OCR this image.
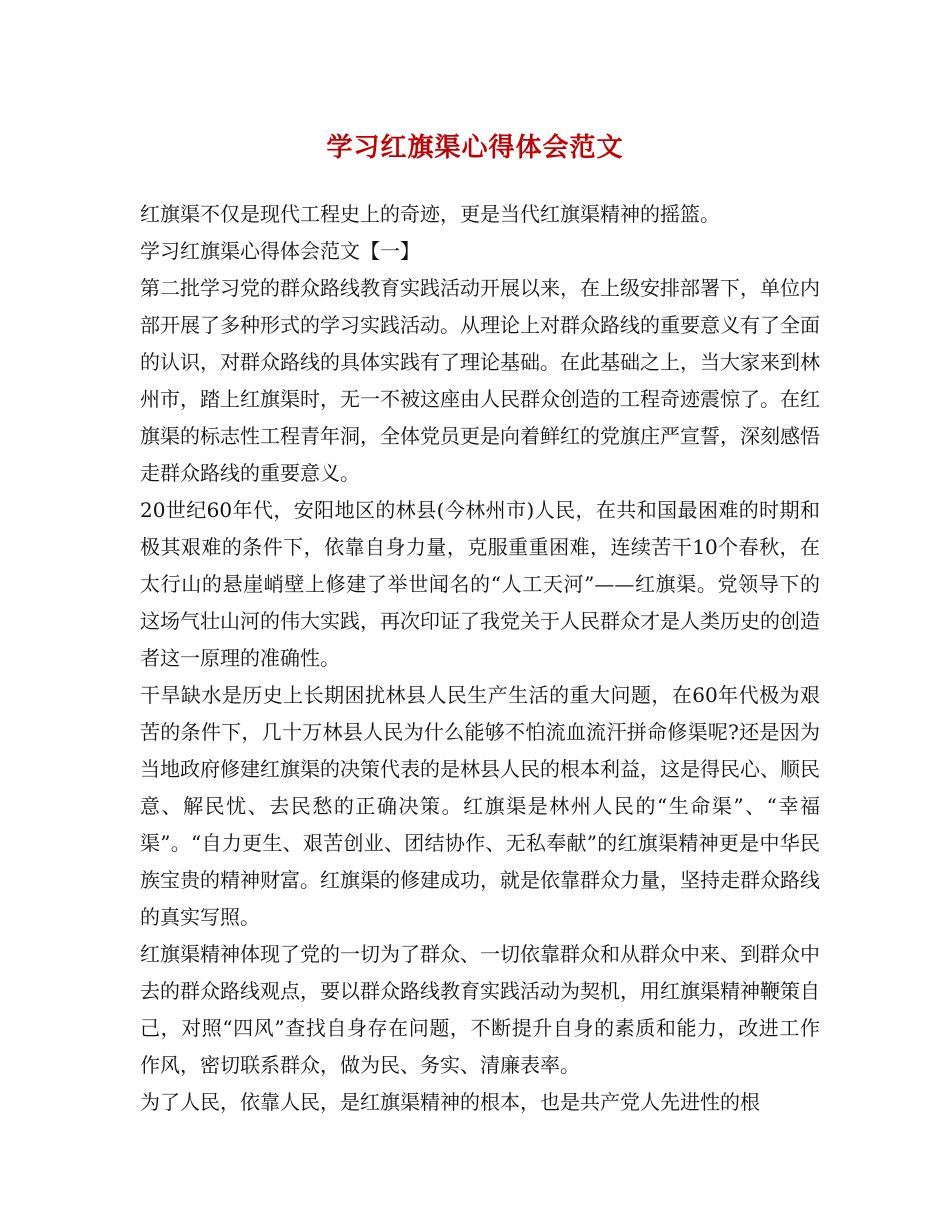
学习红旗渠心得体会范文

红旗渠不仅是现代工程史上的奇迹，更是当代红旗渠精神的摇篮。

学习红旗渠心得体会范文【一】

第二批学习党的群众路线教育实践活动开展以来，在上级安排部署下，单位内部开展了多种形式的学习实践活动。从理论上对群众路线的重要意义有了全面的认识，对群众路线的具体实践有了理论基础。在此基础之上，当大家来到林州市，踏上红旗渠时，无一不被这座由人民群众创造的工程奇迹震惊了。在红旗渠的标志性工程青年洞，全体党员更是向着鲜红的党旗庄严宣誓，深刻感悟走群众路线的重要意义。

20世纪60年代，安阳地区的林县(今林州市)人民，在共和国最困难的时期和极其艰难的条件下，依靠自身力量，克服重重困难，连续苦干10个春秋，在太行山的悬崖峭壁上修建了举世闻名的“人工天河”——红旗渠。党领导下的这场气壮山河的伟大实践，再次印证了我党关于人民群众才是人类历史的创造者这一原理的准确性。

干旱缺水是历史上长期困扰林县人民生产生活的重大问题，在60年代极为艰苦的条件下，几十万林县人民为什么能够不怕流血流汗拼命修渠呢?还是因为当地政府修建红旗渠的决策代表的是林县人民的根本利益，这是得民心、顺民意、解民忧、去民愁的正确决策。红旗渠是林州人民的“生命渠”、“幸福渠”。“自力更生、艰苦创业、团结协作、无私奉献”的红旗渠精神更是中华民族宝贵的精神财富。红旗渠的修建成功，就是依靠群众力量，坚持走群众路线的真实写照。

红旗渠精神体现了党的一切为了群众、一切依靠群众和从群众中来、到群众中去的群众路线观点，要以群众路线教育实践活动为契机，用红旗渠精神鞭策自己，对照“四风”查找自身存在问题，不断提升自身的素质和能力，改进工作作风，密切联系群众，做为民、务实、清廉表率。

为了人民，依靠人民，是红旗渠精神的根本，也是共产党人先进性的根
